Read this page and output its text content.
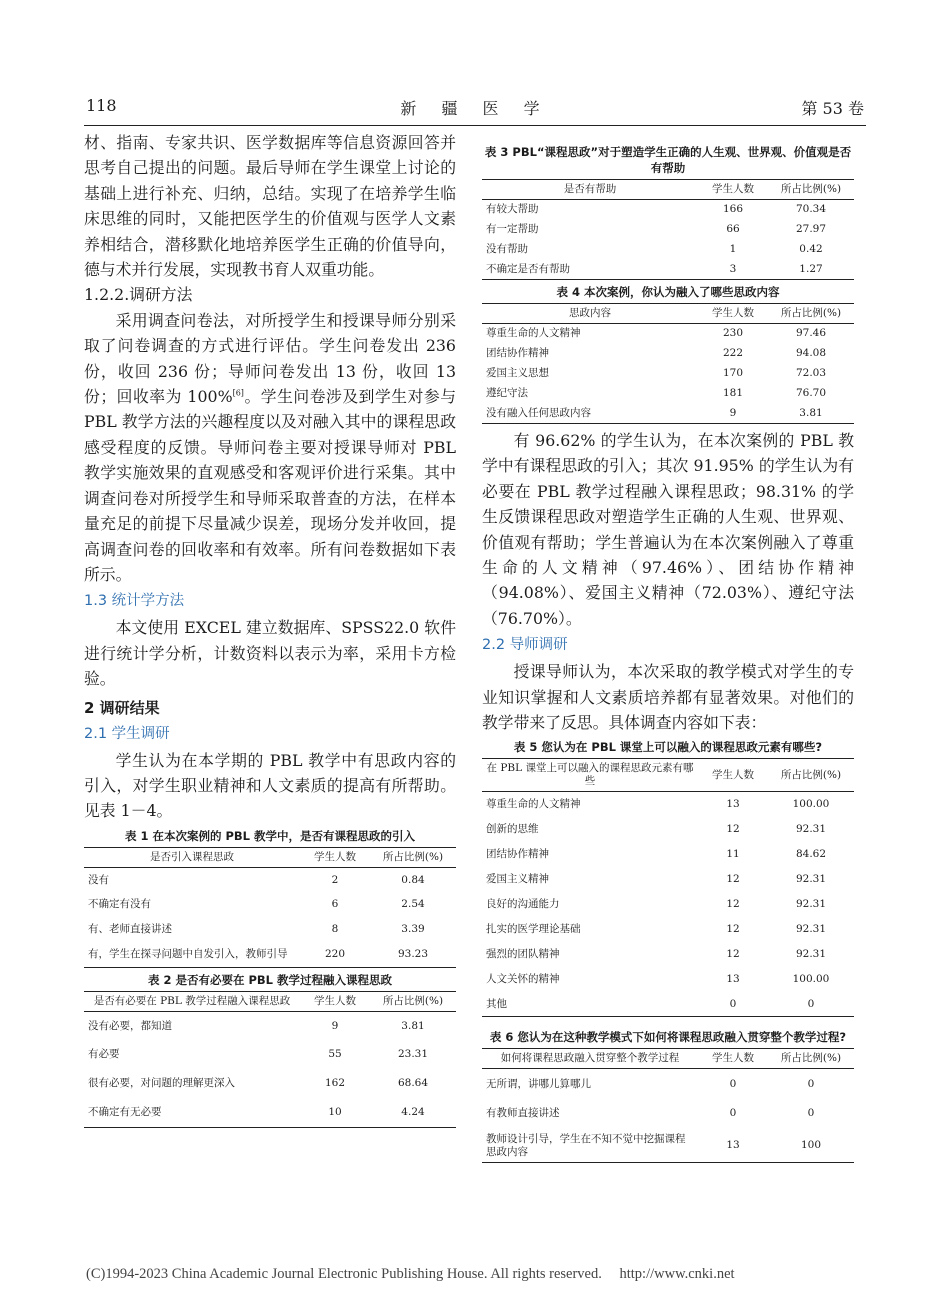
118	新 疆 医 学	第 53 卷

材、指南、专家共识、医学数据库等信息资源回答并思考自己提出的问题。最后导师在学生课堂上讨论的基础上进行补充、归纳，总结。实现了在培养学生临床思维的同时，又能把医学生的价值观与医学人文素养相结合，潜移默化地培养医学生正确的价值导向，德与术并行发展，实现教书育人双重功能。

1.2.2.调研方法

采用调查问卷法，对所授学生和授课导师分别采取了问卷调查的方式进行评估。学生问卷发出 236 份，收回 236 份；导师问卷发出 13 份，收回 13 份；回收率为 100%[6]。学生问卷涉及到学生对参与 PBL 教学方法的兴趣程度以及对融入其中的课程思政感受程度的反馈。导师问卷主要对授课导师对 PBL 教学实施效果的直观感受和客观评价进行采集。其中调查问卷对所授学生和导师采取普查的方法，在样本量充足的前提下尽量减少误差，现场分发并收回，提高调查问卷的回收率和有效率。所有问卷数据如下表所示。

1.3 统计学方法

本文使用 EXCEL 建立数据库、SPSS22.0 软件进行统计学分析，计数资料以表示为率，采用卡方检验。

2 调研结果
2.1 学生调研

学生认为在本学期的 PBL 教学中有思政内容的引入，对学生职业精神和人文素质的提高有所帮助。见表 1－4。

表 1 在本次案例的 PBL 教学中，是否有课程思政的引入
是否引入课程思政	学生人数	所占比例(%)
没有	2	0.84
不确定有没有	6	2.54
有、老师直接讲述	8	3.39
有，学生在探寻问题中自发引入，教师引导	220	93.23
表 2 是否有必要在 PBL 教学过程融入课程思政
是否有必要在 PBL 教学过程融入课程思政	学生人数	所占比例(%)
没有必要，都知道	9	3.81
有必要	55	23.31
很有必要，对问题的理解更深入	162	68.64
不确定有无必要	10	4.24
表 3 PBL“课程思政”对于塑造学生正确的人生观、世界观、价值观是否有帮助
是否有帮助	学生人数	所占比例(%)
有较大帮助	166	70.34
有一定帮助	66	27.97
没有帮助	1	0.42
不确定是否有帮助	3	1.27
表 4 本次案例，你认为融入了哪些思政内容
思政内容	学生人数	所占比例(%)
尊重生命的人文精神	230	97.46
团结协作精神	222	94.08
爱国主义思想	170	72.03
遵纪守法	181	76.70
没有融入任何思政内容	9	3.81

有 96.62% 的学生认为，在本次案例的 PBL 教学中有课程思政的引入；其次 91.95% 的学生认为有必要在 PBL 教学过程融入课程思政；98.31% 的学生反馈课程思政对塑造学生正确的人生观、世界观、价值观有帮助；学生普遍认为在本次案例融入了尊重生命的人文精神（97.46%）、团结协作精神（94.08%）、爱国主义精神（72.03%）、遵纪守法（76.70%）。

2.2 导师调研

授课导师认为，本次采取的教学模式对学生的专业知识掌握和人文素质培养都有显著效果。对他们的教学带来了反思。具体调查内容如下表：

表 5 您认为在 PBL 课堂上可以融入的课程思政元素有哪些?
在 PBL 课堂上可以融入的课程思政元素有哪些	学生人数	所占比例(%)
尊重生命的人文精神	13	100.00
创新的思维	12	92.31
团结协作精神	11	84.62
爱国主义精神	12	92.31
良好的沟通能力	12	92.31
扎实的医学理论基础	12	92.31
强烈的团队精神	12	92.31
人文关怀的精神	13	100.00
其他	0	0
表 6 您认为在这种教学模式下如何将课程思政融入贯穿整个教学过程?
如何将课程思政融入贯穿整个教学过程	学生人数	所占比例(%)
无所谓，讲哪儿算哪儿	0	0
有教师直接讲述	0	0
教师设计引导，学生在不知不觉中挖掘课程思政内容	13	100
(C)1994-2023 China Academic Journal Electronic Publishing House. All rights reserved. http://www.cnki.net
